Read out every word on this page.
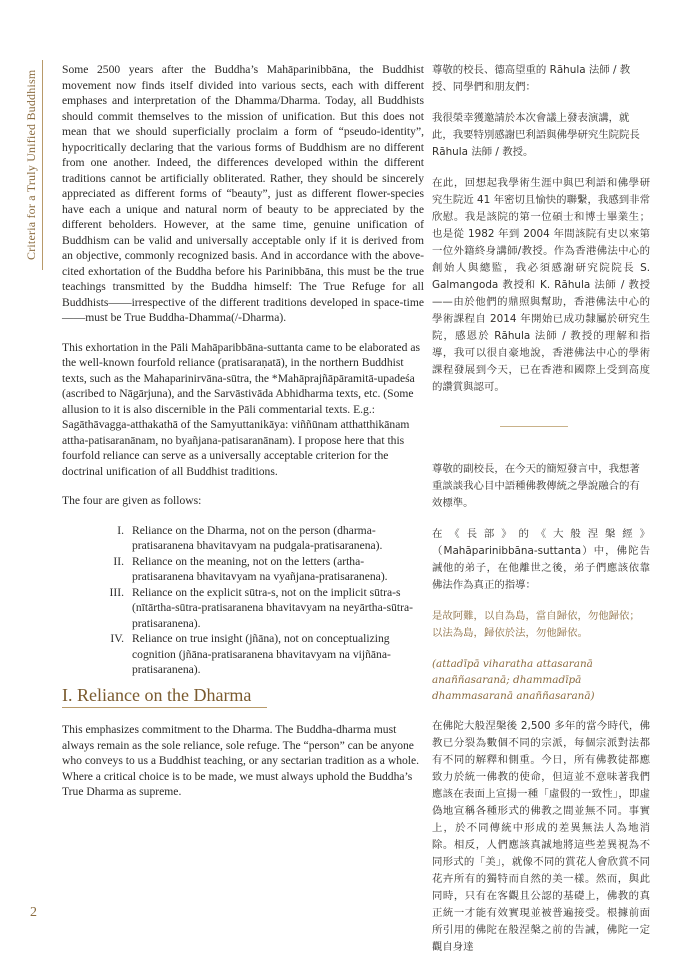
Criteria for a Truly Unified Buddhism

Some 2500 years after the Buddha’s Mahāparinibbāna, the Buddhist movement now finds itself divided into various sects, each with different emphases and interpretation of the Dhamma/Dharma. Today, all Buddhists should commit themselves to the mission of unification. But this does not mean that we should superficially proclaim a form of “pseudo-identity”, hypocritically declaring that the various forms of Buddhism are no different from one another. Indeed, the differences developed within the different traditions cannot be artificially obliterated. Rather, they should be sincerely appreciated as different forms of “beauty”, just as different flower-species have each a unique and natural norm of beauty to be appreciated by the different beholders. However, at the same time, genuine unification of Buddhism can be valid and universally acceptable only if it is derived from an objective, commonly recognized basis. And in accordance with the above-cited exhortation of the Buddha before his Parinibbāna, this must be the true teachings transmitted by the Buddha himself: The True Refuge for all Buddhists——irrespective of the different traditions developed in space-time——must be True Buddha-Dhamma(/-Dharma).

This exhortation in the Pāli Mahāparibbāna-suttanta came to be elaborated as the well-known fourfold reliance (pratisaraṇatā), in the northern Buddhist texts, such as the Mahaparinirvāna-sūtra, the *Mahāprajñāpāramitā-upadeśa (ascribed to Nāgārjuna), and the Sarvāstivāda Abhidharma texts, etc. (Some allusion to it is also discernible in the Pāli commentarial texts. E.g.: Sagāthāvagga-atthakathā of the Samyuttanikāya: viññūnam atthatthikānam attha-patisaranānam, no byañjana-patisaranānam). I propose here that this fourfold reliance can serve as a universally acceptable criterion for the doctrinal unification of all Buddhist traditions.

The four are given as follows:

I. Reliance on the Dharma, not on the person (dharma-pratisaranena bhavitavyam na pudgala-pratisaranena).
II. Reliance on the meaning, not on the letters (artha-pratisaranena bhavitavyam na vyañjana-pratisaranena).
III. Reliance on the explicit sūtra-s, not on the implicit sūtra-s (nītārtha-sūtra-pratisaranena bhavitavyam na neyārtha-sūtra-pratisaranena).
IV. Reliance on true insight (jñāna), not on conceptualizing cognition (jñāna-pratisaranena bhavitavyam na vijñāna-pratisaranena).
I. Reliance on the Dharma

This emphasizes commitment to the Dharma. The Buddha-dharma must always remain as the sole reliance, sole refuge. The “person” can be anyone who conveys to us a Buddhist teaching, or any sectarian tradition as a whole. Where a critical choice is to be made, we must always uphold the Buddha’s True Dharma as supreme.

尊敬的校長、德高望重的 Rāhula 法師 / 教授、同學們和朋友們：

我很榮幸獲邀請於本次會議上發表演講，就此，我要特別感謝巴利語與佛學研究生院院長 Rāhula 法師 / 教授。

在此，回想起我學術生涯中與巴利語和佛學研究生院近 41 年密切且愉快的聯繫，我感到非常欣慰。我是該院的第一位碩士和博士畢業生；也是從 1982 年到 2004 年間該院有史以來第一位外籍終身講師/教授。作為香港佛法中心的創始人與總監，我必須感謝研究院院長 S. Galmangoda 教授和 K. Rāhula 法師 / 教授——由於他們的鼎照與幫助，香港佛法中心的學術課程自 2014 年開始已成功隸屬於研究生院，感恩於 Rāhula 法師 / 教授的理解和指導，我可以很自豪地說，香港佛法中心的學術課程發展到今天，已在香港和國際上受到高度的讚賞與認可。

尊敬的副校長，在今天的簡短發言中，我想著重談談我心目中語種佛教傳統之學說融合的有效標準。

在《長部》的《大般涅槃經》（Mahāparinibbāna-suttanta）中，佛陀告誡他的弟子，在他離世之後，弟子們應該依靠佛法作為真正的指導：

是故阿難，以自為島，當自歸依，勿他歸依；以法為島，歸依於法，勿他歸依。

(attadīpā viharatha attasaranā anaññasaranā; dhammadīpā dhammasaranā anaññasaranā)

在佛陀大般涅槃後 2,500 多年的當今時代，佛教已分裂為數個不同的宗派，每個宗派對法都有不同的解釋和側重。今日，所有佛教徒都應致力於統一佛教的使命，但這並不意味著我們應該在表面上宣揚一種「虛假的一致性」，即虛偽地宣稱各種形式的佛教之間並無不同。事實上，於不同傳統中形成的差異無法人為地消除。相反，人們應該真誠地將這些差異視為不同形式的「美」，就像不同的賞花人會欣賞不同花卉所有的獨特而自然的美一樣。然而，與此同時，只有在客觀且公認的基礎上，佛教的真正統一才能有效實現並被普遍接受。根據前面所引用的佛陀在般涅槃之前的告誡，佛陀一定觀自身達

2
